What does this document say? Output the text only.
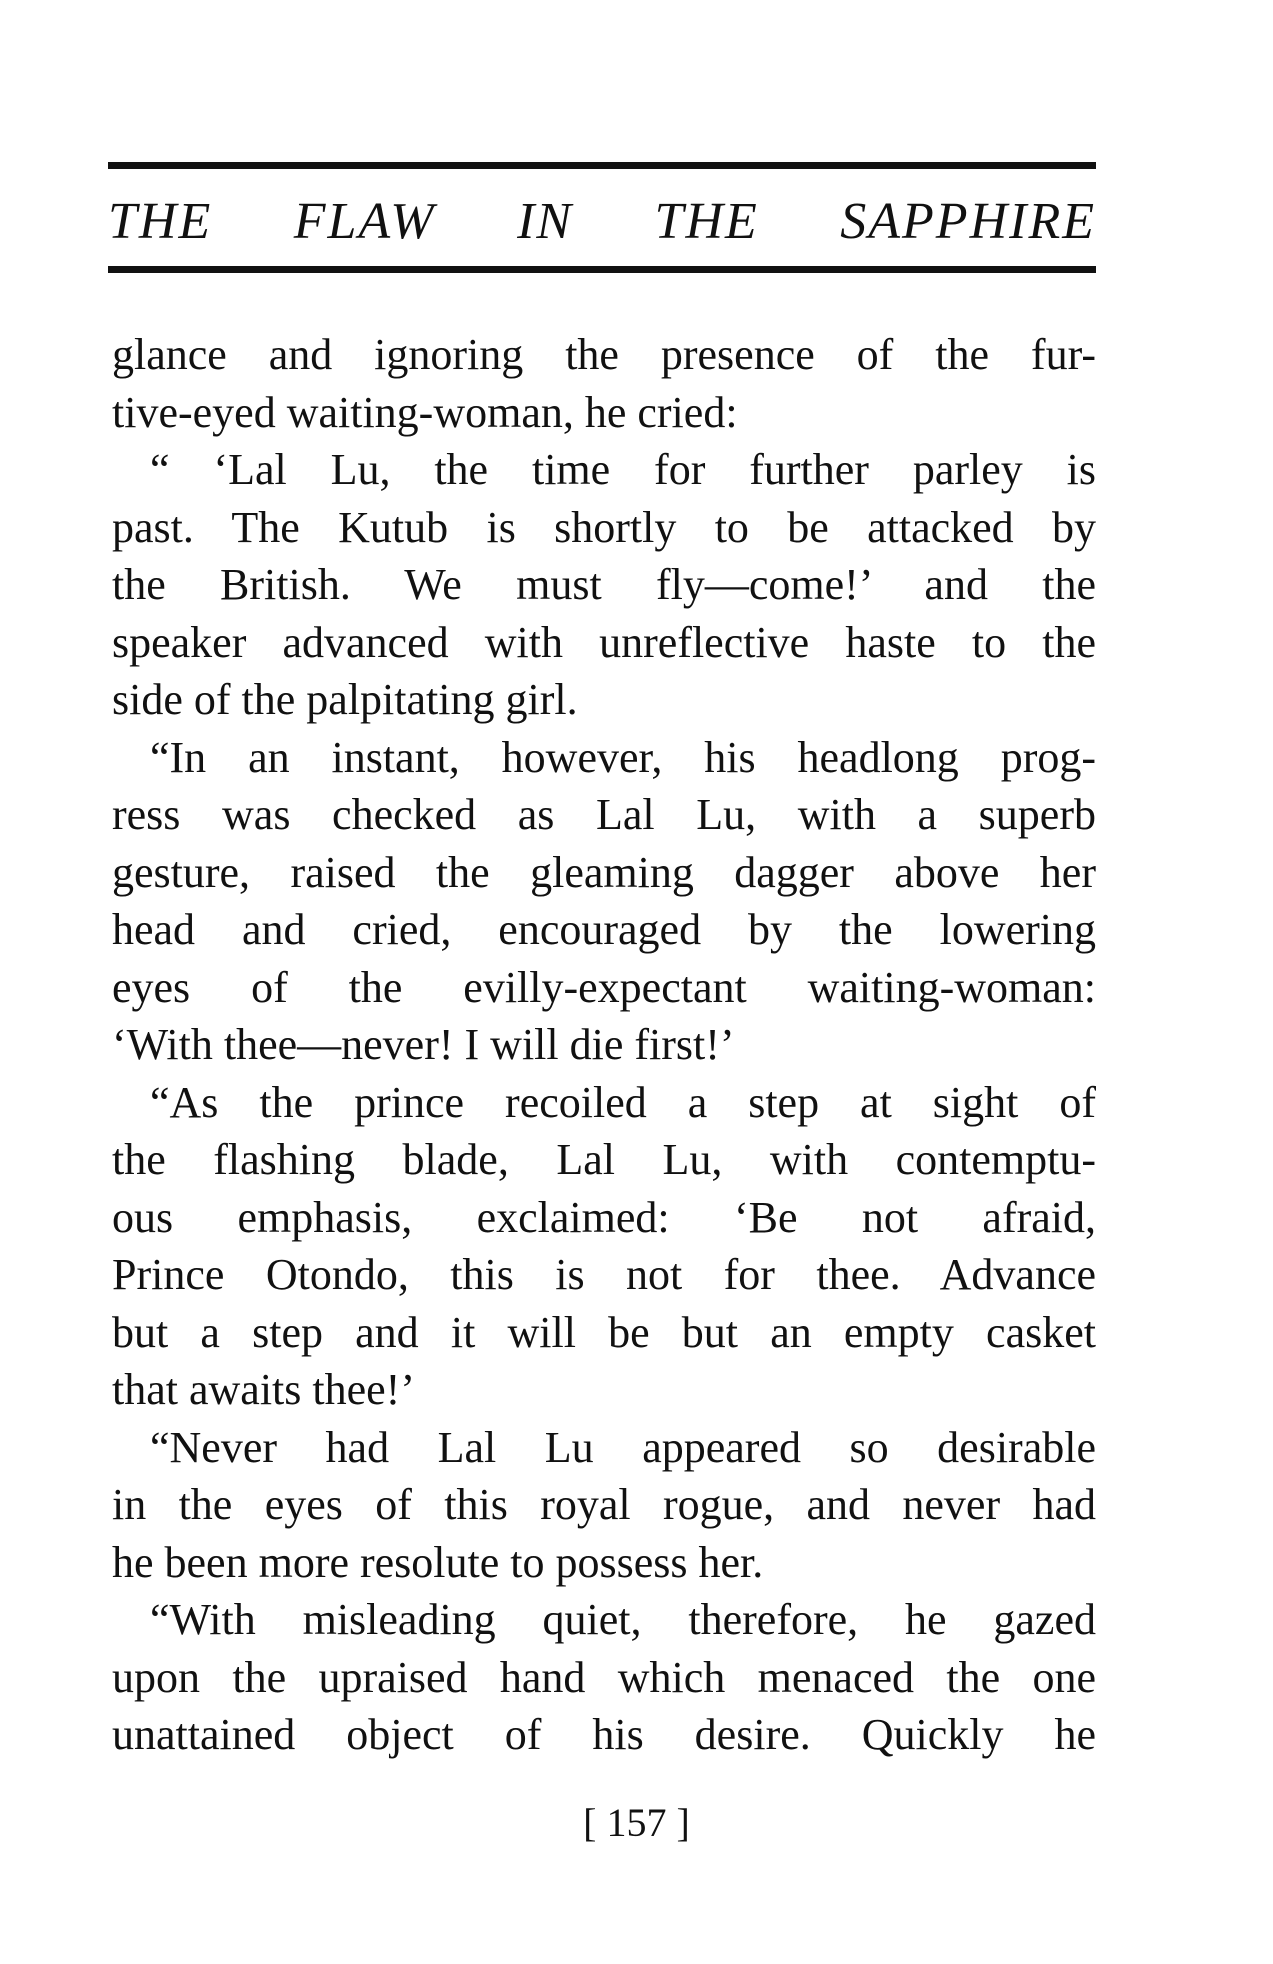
THE FLAW IN THE SAPPHIRE
glance and ignoring the presence of the fur-
tive-eyed waiting-woman, he cried:
“ ‘Lal Lu, the time for further parley is
past. The Kutub is shortly to be attacked by
the British. We must fly—come!’ and the
speaker advanced with unreflective haste to the
side of the palpitating girl.
“In an instant, however, his headlong prog-
ress was checked as Lal Lu, with a superb
gesture, raised the gleaming dagger above her
head and cried, encouraged by the lowering
eyes of the evilly-expectant waiting-woman:
‘With thee—never! I will die first!’
“As the prince recoiled a step at sight of
the flashing blade, Lal Lu, with contemptu-
ous emphasis, exclaimed: ‘Be not afraid,
Prince Otondo, this is not for thee. Advance
but a step and it will be but an empty casket
that awaits thee!’
“Never had Lal Lu appeared so desirable
in the eyes of this royal rogue, and never had
he been more resolute to possess her.
“With misleading quiet, therefore, he gazed
upon the upraised hand which menaced the one
unattained object of his desire. Quickly he
[ 157 ]
